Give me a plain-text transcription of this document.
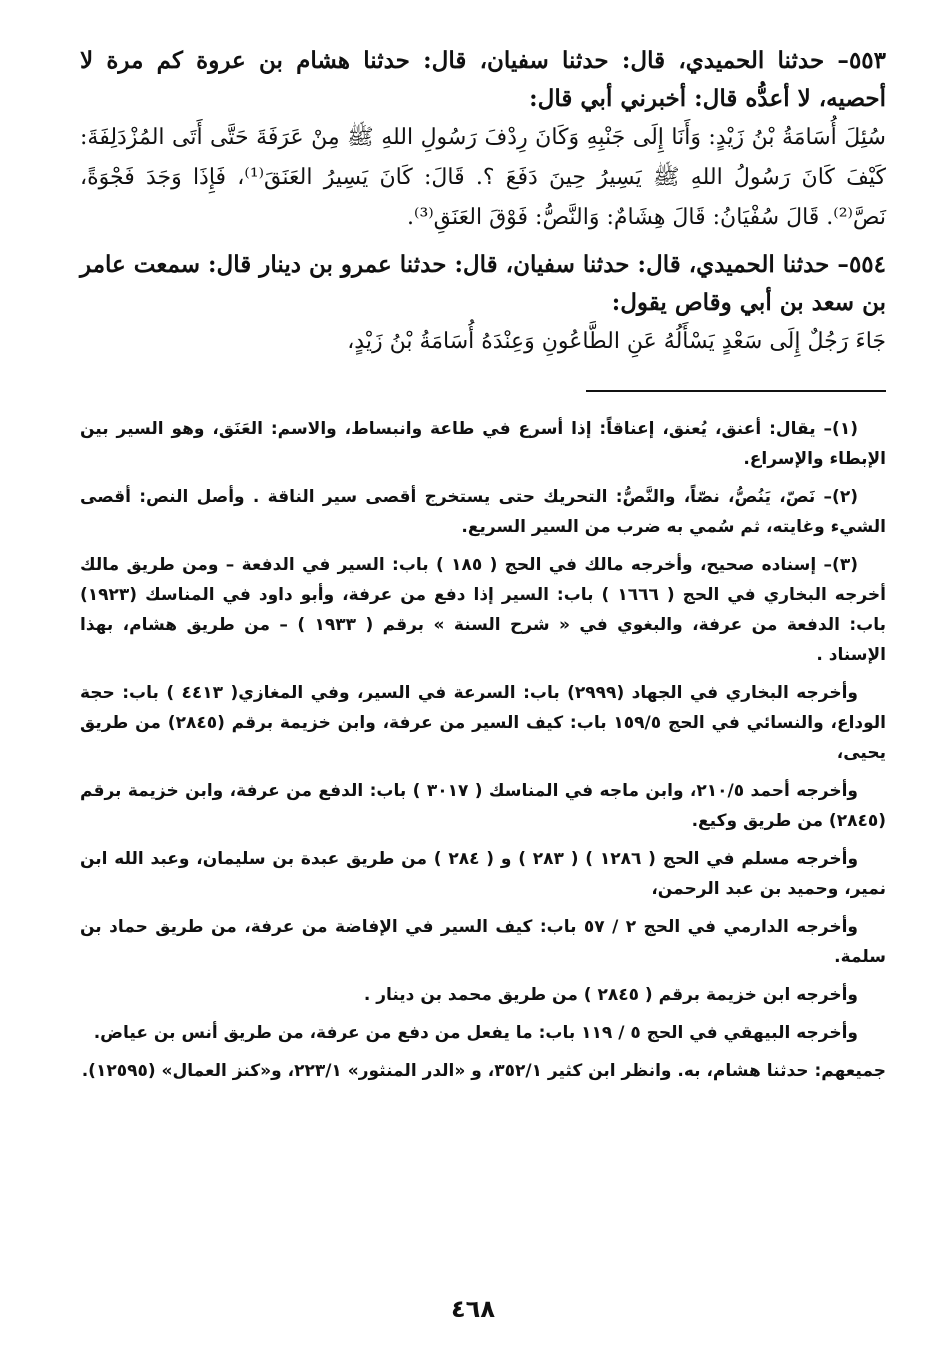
٥٥٣– حدثنا الحميدي، قال: حدثنا سفيان، قال: حدثنا هشام بن عروة كم مرة لا أحصيه، لا أعدُّه قال: أخبرني أبي قال:

سُئِلَ أُسَامَةُ بْنُ زَيْدٍ: وَأَنَا إِلَى جَنْبِهِ وَكَانَ رِدْفَ رَسُولِ اللهِ ﷺ مِنْ عَرَفَةَ حَتَّى أَتَى المُزْدَلِفَةَ: كَيْفَ كَانَ رَسُولُ اللهِ ﷺ يَسِيرُ حِينَ دَفَعَ ؟. قَالَ: كَانَ يَسِيرُ العَنَقَ⁽¹⁾، فَإِذَا وَجَدَ فَجْوَةً، نَصَّ⁽²⁾. قَالَ سُفْيَانُ: قَالَ هِشَامٌ: وَالنَّصُّ: فَوْقَ العَنَقِ⁽³⁾.

٥٥٤– حدثنا الحميدي، قال: حدثنا سفيان، قال: حدثنا عمرو بن دينار قال: سمعت عامر بن سعد بن أبي وقاص يقول:

جَاءَ رَجُلٌ إِلَى سَعْدٍ يَسْأَلُهُ عَنِ الطَّاعُونِ وَعِنْدَهُ أُسَامَةُ بْنُ زَيْدٍ،

(١)– يقال: أعنق، يُعنق، إعناقاً: إذا أسرع في طاعة وانبساط، والاسم: العَنَق، وهو السير بين الإبطاء والإسراع.

(٢)– نَصّ، يَنُصُّ، نصّاً، والنَّصُّ: التحريك حتى يستخرج أقصى سير الناقة . وأصل النص: أقصى الشيء وغايته، ثم سُمي به ضرب من السير السريع.

(٣)– إسناده صحيح، وأخرجه مالك في الحج ( ١٨٥ ) باب: السير في الدفعة – ومن طريق مالك أخرجه البخاري في الحج ( ١٦٦٦ ) باب: السير إذا دفع من عرفة، وأبو داود في المناسك (١٩٢٣) باب: الدفعة من عرفة، والبغوي في « شرح السنة » برقم ( ١٩٣٣ ) – من طريق هشام، بهذا الإسناد .

وأخرجه البخاري في الجهاد (٢٩٩٩) باب: السرعة في السير، وفي المغازي( ٤٤١٣ ) باب: حجة الوداع، والنسائي في الحج ١٥٩/٥ باب: كيف السير من عرفة، وابن خزيمة برقم (٢٨٤٥) من طريق يحيى،

وأخرجه أحمد ٢١٠/٥، وابن ماجه في المناسك ( ٣٠١٧ ) باب: الدفع من عرفة، وابن خزيمة برقم (٢٨٤٥) من طريق وكيع.

وأخرجه مسلم في الحج ( ١٢٨٦ ) ( ٢٨٣ ) و ( ٢٨٤ ) من طريق عبدة بن سليمان، وعبد الله ابن نمير، وحميد بن عبد الرحمن،

وأخرجه الدارمي في الحج ٢ / ٥٧ باب: كيف السير في الإفاضة من عرفة، من طريق حماد بن سلمة.

وأخرجه ابن خزيمة برقم ( ٢٨٤٥ ) من طريق محمد بن دينار .

وأخرجه البيهقي في الحج ٥ / ١١٩ باب: ما يفعل من دفع من عرفة، من طريق أنس بن عياض.

جميعهم: حدثنا هشام، به. وانظر ابن كثير ٣٥٢/١، و «الدر المنثور» ٢٢٣/١، و«كنز العمال» (١٢٥٩٥).

٤٦٨
